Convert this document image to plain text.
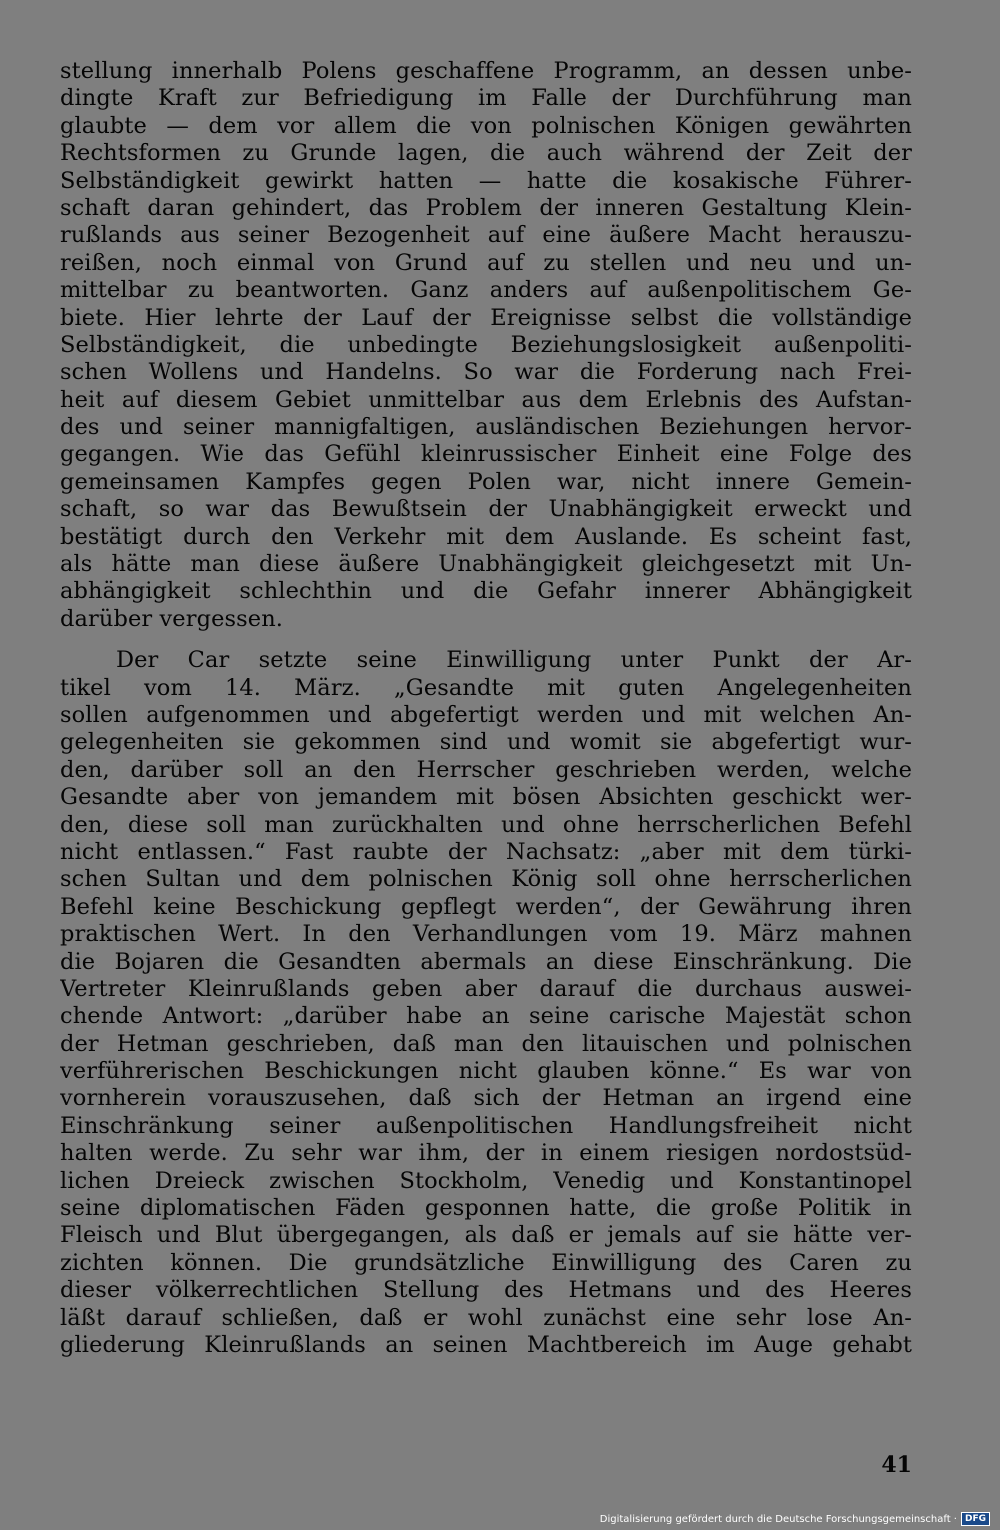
stellung innerhalb Polens geschaffene Programm, an dessen unbe-
dingte Kraft zur Befriedigung im Falle der Durchführung man
glaubte — dem vor allem die von polnischen Königen gewährten
Rechtsformen zu Grunde lagen, die auch während der Zeit der
Selbständigkeit gewirkt hatten — hatte die kosakische Führer-
schaft daran gehindert, das Problem der inneren Gestaltung Klein-
rußlands aus seiner Bezogenheit auf eine äußere Macht herauszu-
reißen, noch einmal von Grund auf zu stellen und neu und un-
mittelbar zu beantworten. Ganz anders auf außenpolitischem Ge-
biete. Hier lehrte der Lauf der Ereignisse selbst die vollständige
Selbständigkeit, die unbedingte Beziehungslosigkeit außenpoliti-
schen Wollens und Handelns. So war die Forderung nach Frei-
heit auf diesem Gebiet unmittelbar aus dem Erlebnis des Aufstan-
des und seiner mannigfaltigen, ausländischen Beziehungen hervor-
gegangen. Wie das Gefühl kleinrussischer Einheit eine Folge des
gemeinsamen Kampfes gegen Polen war, nicht innere Gemein-
schaft, so war das Bewußtsein der Unabhängigkeit erweckt und
bestätigt durch den Verkehr mit dem Auslande. Es scheint fast,
als hätte man diese äußere Unabhängigkeit gleichgesetzt mit Un-
abhängigkeit schlechthin und die Gefahr innerer Abhängigkeit
darüber vergessen.
Der Car setzte seine Einwilligung unter Punkt der Ar-
tikel vom 14. März. „Gesandte mit guten Angelegenheiten
sollen aufgenommen und abgefertigt werden und mit welchen An-
gelegenheiten sie gekommen sind und womit sie abgefertigt wur-
den, darüber soll an den Herrscher geschrieben werden, welche
Gesandte aber von jemandem mit bösen Absichten geschickt wer-
den, diese soll man zurückhalten und ohne herrscherlichen Befehl
nicht entlassen.“ Fast raubte der Nachsatz: „aber mit dem türki-
schen Sultan und dem polnischen König soll ohne herrscherlichen
Befehl keine Beschickung gepflegt werden“, der Gewährung ihren
praktischen Wert. In den Verhandlungen vom 19. März mahnen
die Bojaren die Gesandten abermals an diese Einschränkung. Die
Vertreter Kleinrußlands geben aber darauf die durchaus auswei-
chende Antwort: „darüber habe an seine carische Majestät schon
der Hetman geschrieben, daß man den litauischen und polnischen
verführerischen Beschickungen nicht glauben könne.“ Es war von
vornherein vorauszusehen, daß sich der Hetman an irgend eine
Einschränkung seiner außenpolitischen Handlungsfreiheit nicht
halten werde. Zu sehr war ihm, der in einem riesigen nordostsüd-
lichen Dreieck zwischen Stockholm, Venedig und Konstantinopel
seine diplomatischen Fäden gesponnen hatte, die große Politik in
Fleisch und Blut übergegangen, als daß er jemals auf sie hätte ver-
zichten können. Die grundsätzliche Einwilligung des Caren zu
dieser völkerrechtlichen Stellung des Hetmans und des Heeres
läßt darauf schließen, daß er wohl zunächst eine sehr lose An-
gliederung Kleinrußlands an seinen Machtbereich im Auge gehabt
41
Digitalisierung gefördert durch die Deutsche Forschungsgemeinschaft · DFG
